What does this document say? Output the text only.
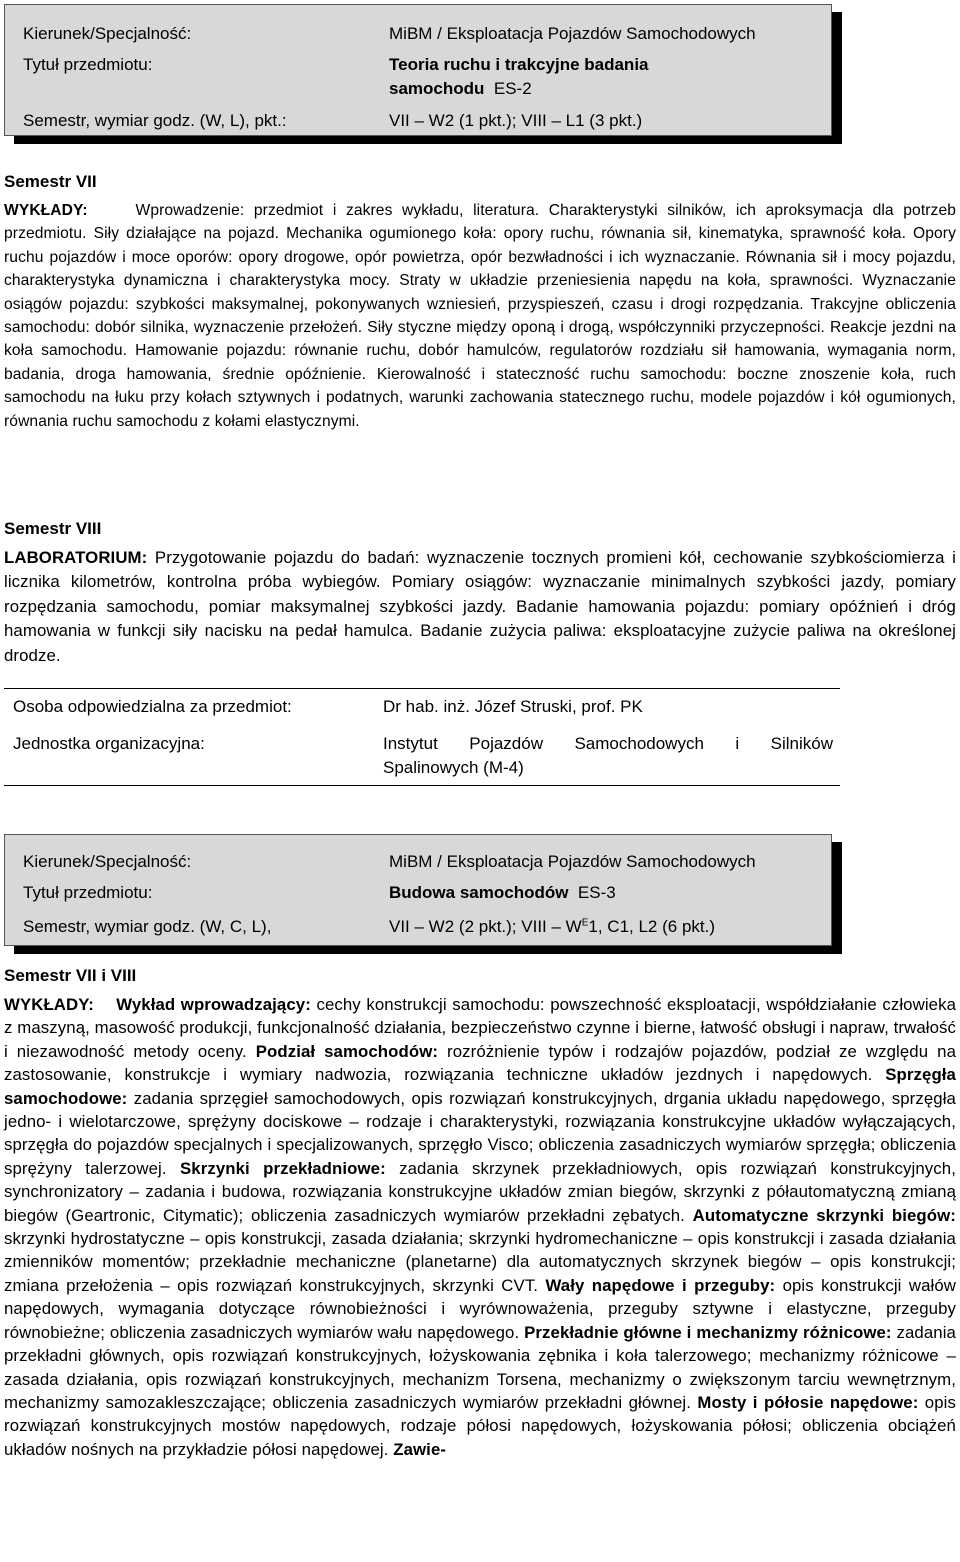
Kierunek/Specjalność:	MiBM / Eksploatacja Pojazdów Samochodowych
Tytuł przedmiotu:	Teoria ruchu i trakcyjne badania
samochodu ES-2
Semestr, wymiar godz. (W, L), pkt.:	VII – W2 (1 pkt.); VIII – L1 (3 pkt.)
Semestr VII
WYKŁADY:	Wprowadzenie: przedmiot i zakres wykładu, literatura. Charakterystyki silników, ich aproksymacja dla potrzeb przedmiotu. Siły działające na pojazd. Mechanika ogumionego koła: opory ruchu, równania sił, kinematyka, sprawność koła. Opory ruchu pojazdów i moce oporów: opory drogowe, opór powietrza, opór bezwładności i ich wyznaczanie. Równania sił i mocy pojazdu, charakterystyka dynamiczna i charakterystyka mocy. Straty w układzie przeniesienia napędu na koła, sprawności. Wyznaczanie osiągów pojazdu: szybkości maksymalnej, pokonywanych wzniesień, przyspieszeń, czasu i drogi rozpędzania. Trakcyjne obliczenia samochodu: dobór silnika, wyznaczenie przełożeń. Siły styczne między oponą i drogą, współczynniki przyczepności. Reakcje jezdni na koła samochodu. Hamowanie pojazdu: równanie ruchu, dobór hamulców, regulatorów rozdziału sił hamowania, wymagania norm, badania, droga hamowania, średnie opóźnienie. Kierowalność i stateczność ruchu samochodu: boczne znoszenie koła, ruch samochodu na łuku przy kołach sztywnych i podatnych, warunki zachowania statecznego ruchu, modele pojazdów i kół ogumionych, równania ruchu samochodu z kołami elastycznymi.
Semestr VIII
LABORATORIUM: Przygotowanie pojazdu do badań: wyznaczenie tocznych promieni kół, cechowanie szybkościomierza i licznika kilometrów, kontrolna próba wybiegów. Pomiary osiągów: wyznaczanie minimalnych szybkości jazdy, pomiary rozpędzania samochodu, pomiar maksymalnej szybkości jazdy. Badanie hamowania pojazdu: pomiary opóźnień i dróg hamowania w funkcji siły nacisku na pedał hamulca. Badanie zużycia paliwa: eksploatacyjne zużycie paliwa na określonej drodze.
Osoba odpowiedzialna za przedmiot:	Dr hab. inż. Józef Struski, prof. PK
Jednostka organizacyjna:	Instytut Pojazdów Samochodowych i Silników
Spalinowych (M-4)
Kierunek/Specjalność:	MiBM / Eksploatacja Pojazdów Samochodowych
Tytuł przedmiotu:	Budowa samochodów ES-3
Semestr, wymiar godz. (W, C, L),	VII – W2 (2 pkt.); VIII – $W^E1$, C1, L2 (6 pkt.)
Semestr VII i VIII
WYKŁADY: Wykład wprowadzający: cechy konstrukcji samochodu: powszechność eksploatacji, współdziałanie człowieka z maszyną, masowość produkcji, funkcjonalność działania, bezpieczeństwo czynne i bierne, łatwość obsługi i napraw, trwałość i niezawodność metody oceny. Podział samochodów: rozróżnienie typów i rodzajów pojazdów, podział ze względu na zastosowanie, konstrukcje i wymiary nadwozia, rozwiązania techniczne układów jezdnych i napędowych. Sprzęgła samochodowe: zadania sprzęgieł samochodowych, opis rozwiązań konstrukcyjnych, drgania układu napędowego, sprzęgła jedno- i wielotarczowe, sprężyny dociskowe – rodzaje i charakterystyki, rozwiązania konstrukcyjne układów wyłączających, sprzęgła do pojazdów specjalnych i specjalizowanych, sprzęgło Visco; obliczenia zasadniczych wymiarów sprzęgła; obliczenia sprężyny talerzowej. Skrzynki przekładniowe: zadania skrzynek przekładniowych, opis rozwiązań konstrukcyjnych, synchronizatory – zadania i budowa, rozwiązania konstrukcyjne układów zmian biegów, skrzynki z półautomatyczną zmianą biegów (Geartronic, Citymatic); obliczenia zasadniczych wymiarów przekładni zębatych. Automatyczne skrzynki biegów: skrzynki hydrostatyczne – opis konstrukcji, zasada działania; skrzynki hydromechaniczne – opis konstrukcji i zasada działania zmienników momentów; przekładnie mechaniczne (planetarne) dla automatycznych skrzynek biegów – opis konstrukcji; zmiana przełożenia – opis rozwiązań konstrukcyjnych, skrzynki CVT. Wały napędowe i przeguby: opis konstrukcji wałów napędowych, wymagania dotyczące równobieżności i wyrównoważenia, przeguby sztywne i elastyczne, przeguby równobieżne; obliczenia zasadniczych wymiarów wału napędowego. Przekładnie główne i mechanizmy różnicowe: zadania przekładni głównych, opis rozwiązań konstrukcyjnych, łożyskowania zębnika i koła talerzowego; mechanizmy różnicowe – zasada działania, opis rozwiązań konstrukcyjnych, mechanizm Torsena, mechanizmy o zwiększonym tarciu wewnętrznym, mechanizmy samozakleszczające; obliczenia zasadniczych wymiarów przekładni głównej. Mosty i półosie napędowe: opis rozwiązań konstrukcyjnych mostów napędowych, rodzaje półosi napędowych, łożyskowania półosi; obliczenia obciążeń układów nośnych na przykładzie półosi napędowej. Zawie-
